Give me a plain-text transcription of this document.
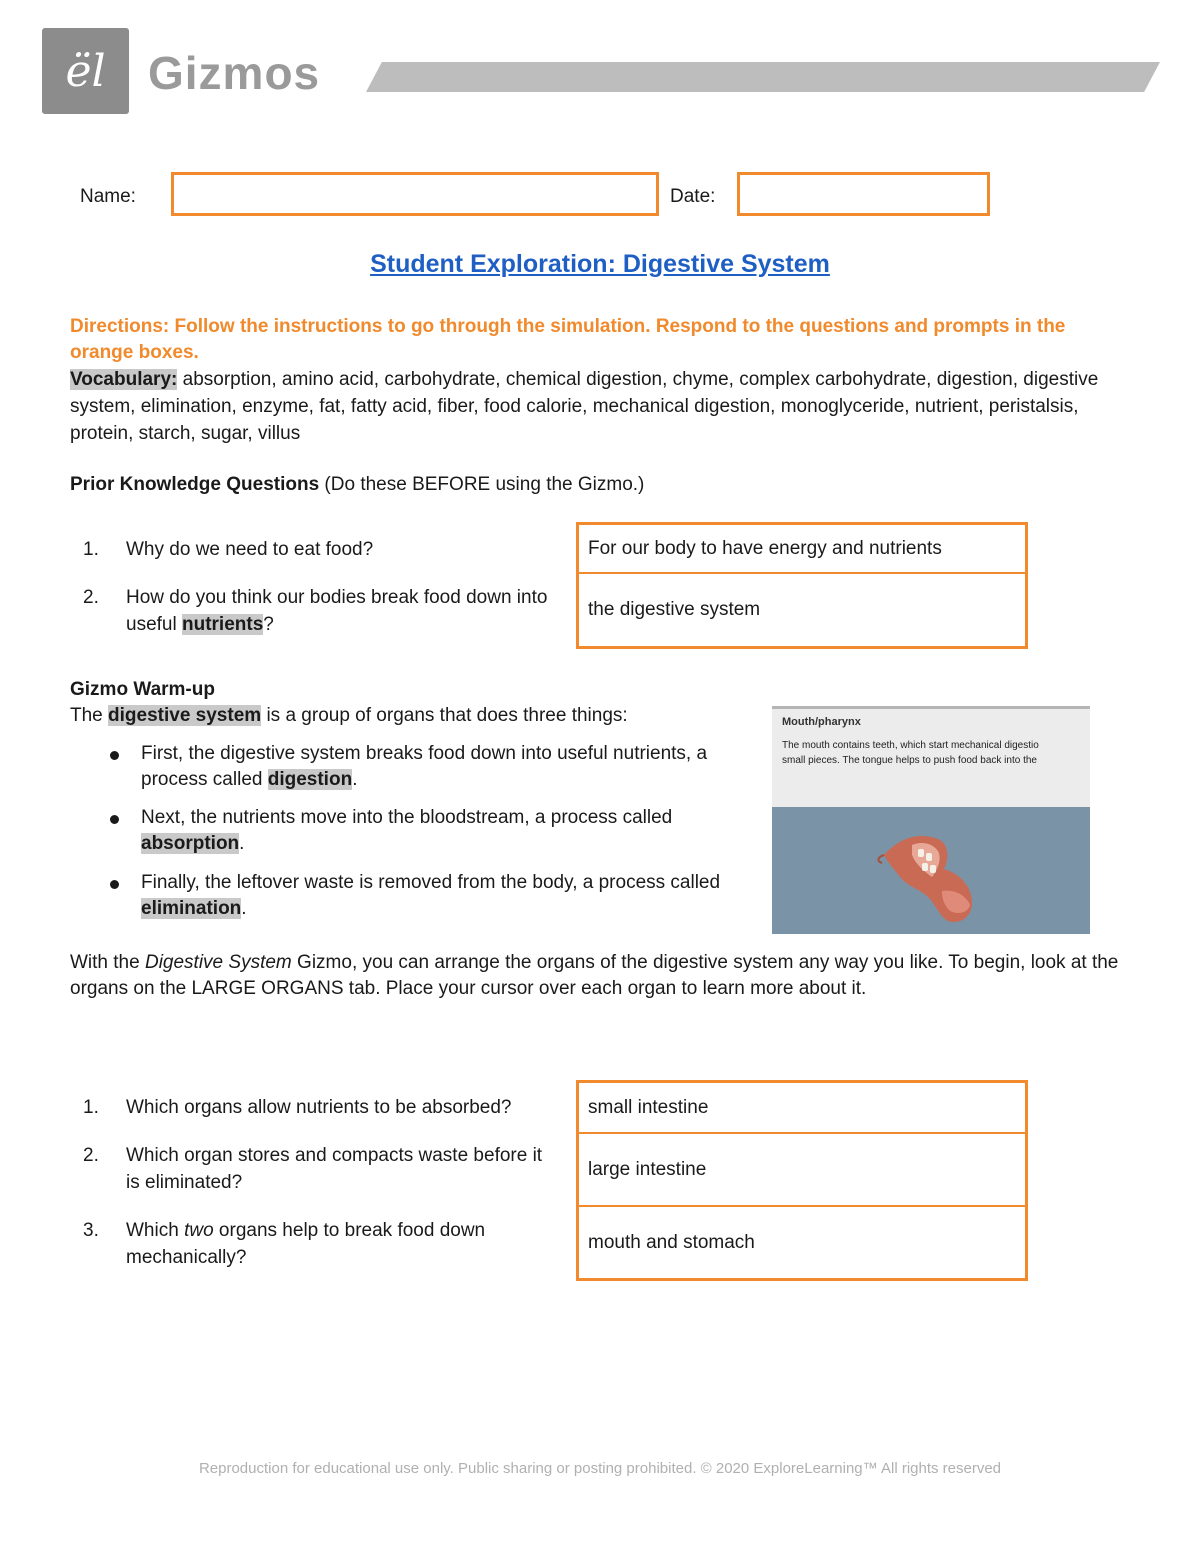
ël Gizmos
Name:	Date:
Student Exploration: Digestive System
Directions: Follow the instructions to go through the simulation. Respond to the questions and prompts in the orange boxes.
Vocabulary: absorption, amino acid, carbohydrate, chemical digestion, chyme, complex carbohydrate, digestion, digestive system, elimination, enzyme, fat, fatty acid, fiber, food calorie, mechanical digestion, monoglyceride, nutrient, peristalsis, protein, starch, sugar, villus
Prior Knowledge Questions (Do these BEFORE using the Gizmo.)
1. Why do we need to eat food?
2. How do you think our bodies break food down into useful nutrients?
For our body to have energy and nutrients
the digestive system
Gizmo Warm-up
The digestive system is a group of organs that does three things:
First, the digestive system breaks food down into useful nutrients, a process called digestion.
Next, the nutrients move into the bloodstream, a process called absorption.
Finally, the leftover waste is removed from the body, a process called elimination.
Mouth/pharynx
The mouth contains teeth, which start mechanical digestio
small pieces. The tongue helps to push food back into the
With the Digestive System Gizmo, you can arrange the organs of the digestive system any way you like. To begin, look at the organs on the LARGE ORGANS tab. Place your cursor over each organ to learn more about it.
1. Which organs allow nutrients to be absorbed?
2. Which organ stores and compacts waste before it is eliminated?
3. Which two organs help to break food down mechanically?
small intestine
large intestine
mouth and stomach
Reproduction for educational use only. Public sharing or posting prohibited. © 2020 ExploreLearning™ All rights reserved
